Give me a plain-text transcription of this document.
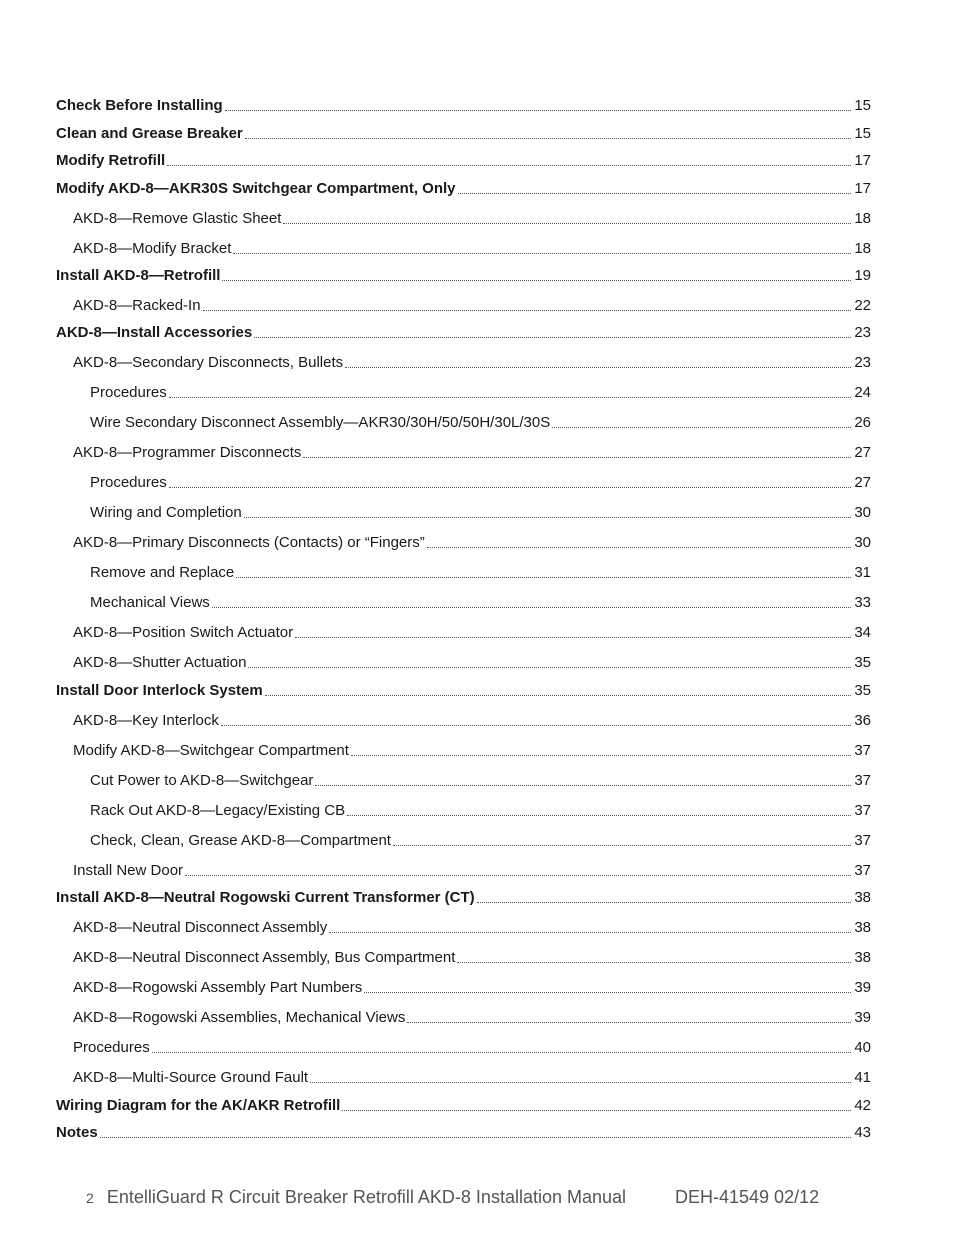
Check Before Installing	15
Clean and Grease Breaker	15
Modify Retrofill	17
Modify AKD-8—AKR30S Switchgear Compartment, Only	17
AKD-8—Remove Glastic Sheet	18
AKD-8—Modify Bracket	18
Install AKD-8—Retrofill	19
AKD-8—Racked-In	22
AKD-8—Install Accessories	23
AKD-8—Secondary Disconnects, Bullets	23
Procedures	24
Wire Secondary Disconnect Assembly—AKR30/30H/50/50H/30L/30S	26
AKD-8—Programmer Disconnects	27
Procedures	27
Wiring and Completion	30
AKD-8—Primary Disconnects (Contacts) or “Fingers”	30
Remove and Replace	31
Mechanical Views	33
AKD-8—Position Switch Actuator	34
AKD-8—Shutter Actuation	35
Install Door Interlock System	35
AKD-8—Key Interlock	36
Modify AKD-8—Switchgear Compartment	37
Cut Power to AKD-8—Switchgear	37
Rack Out AKD-8—Legacy/Existing CB	37
Check, Clean, Grease AKD-8—Compartment	37
Install New Door	37
Install AKD-8—Neutral Rogowski Current Transformer (CT)	38
AKD-8—Neutral Disconnect Assembly	38
AKD-8—Neutral Disconnect Assembly, Bus Compartment	38
AKD-8—Rogowski Assembly Part Numbers	39
AKD-8—Rogowski Assemblies, Mechanical Views	39
Procedures	40
AKD-8—Multi-Source Ground Fault	41
Wiring Diagram for the AK/AKR Retrofill	42
Notes	43
2 EntelliGuard R Circuit Breaker Retrofill AKD-8 Installation Manual	DEH-41549 02/12
